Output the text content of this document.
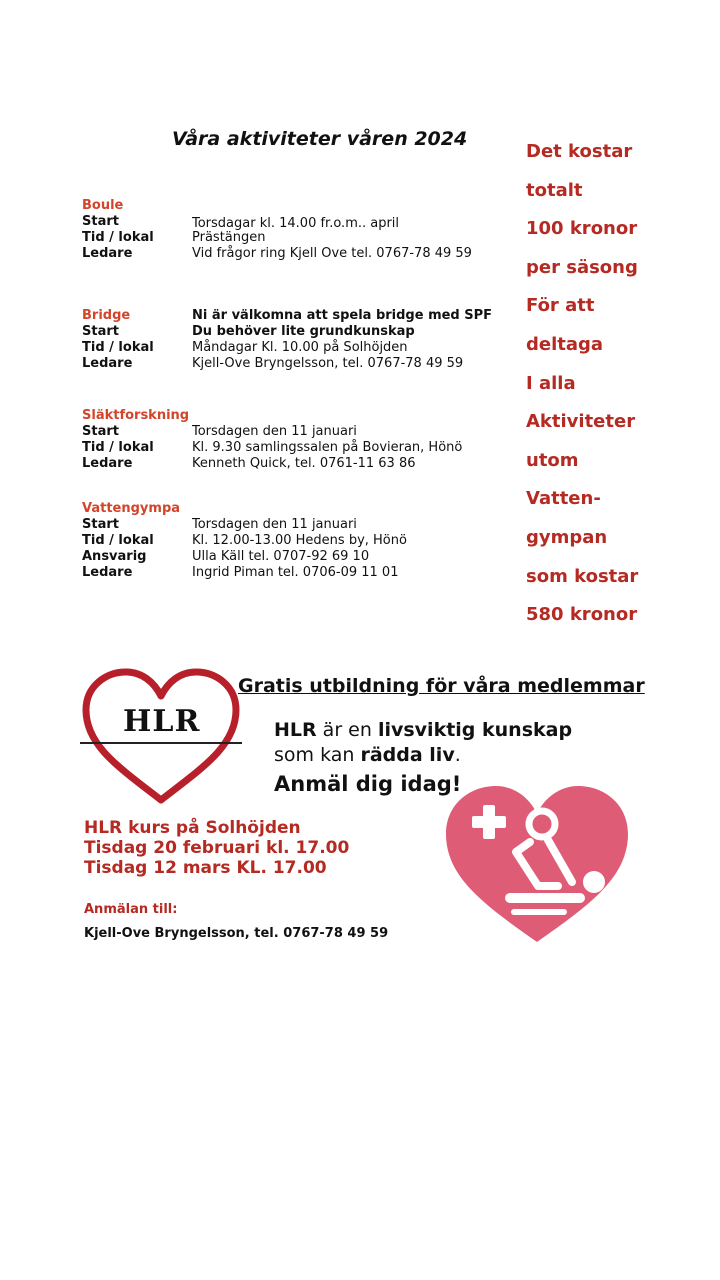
Våra aktiviteter våren 2024
Det kostar
totalt
100 kronor
per säsong
För att
deltaga
I alla
Aktiviteter
utom
Vatten-
gympan
som kostar
580 kronor
Boule
Start	Torsdagar kl. 14.00 fr.o.m.. april
Tid / lokal	Prästängen
Ledare	Vid frågor ring Kjell Ove tel. 0767-78 49 59
Bridge	Ni är välkomna att spela bridge med SPF
Start	Du behöver lite grundkunskap
Tid / lokal	Måndagar Kl. 10.00 på Solhöjden
Ledare	Kjell-Ove Bryngelsson, tel. 0767-78 49 59
Släktforskning
Start	Torsdagen den 11 januari
Tid / lokal	Kl. 9.30 samlingssalen på Bovieran, Hönö
Ledare	Kenneth Quick, tel. 0761-11 63 86
Vattengympa
Start	Torsdagen den 11 januari
Tid / lokal	Kl. 12.00-13.00 Hedens by, Hönö
Ansvarig	Ulla Käll tel. 0707-92 69 10
Ledare	Ingrid Piman tel. 0706-09 11 01
HLR
Gratis utbildning för våra medlemmar
HLR är en livsviktig kunskap
som kan rädda liv.
Anmäl dig idag!
HLR kurs på Solhöjden
Tisdag 20 februari kl. 17.00
Tisdag 12 mars KL. 17.00
Anmälan till:
Kjell-Ove Bryngelsson, tel. 0767-78 49 59
